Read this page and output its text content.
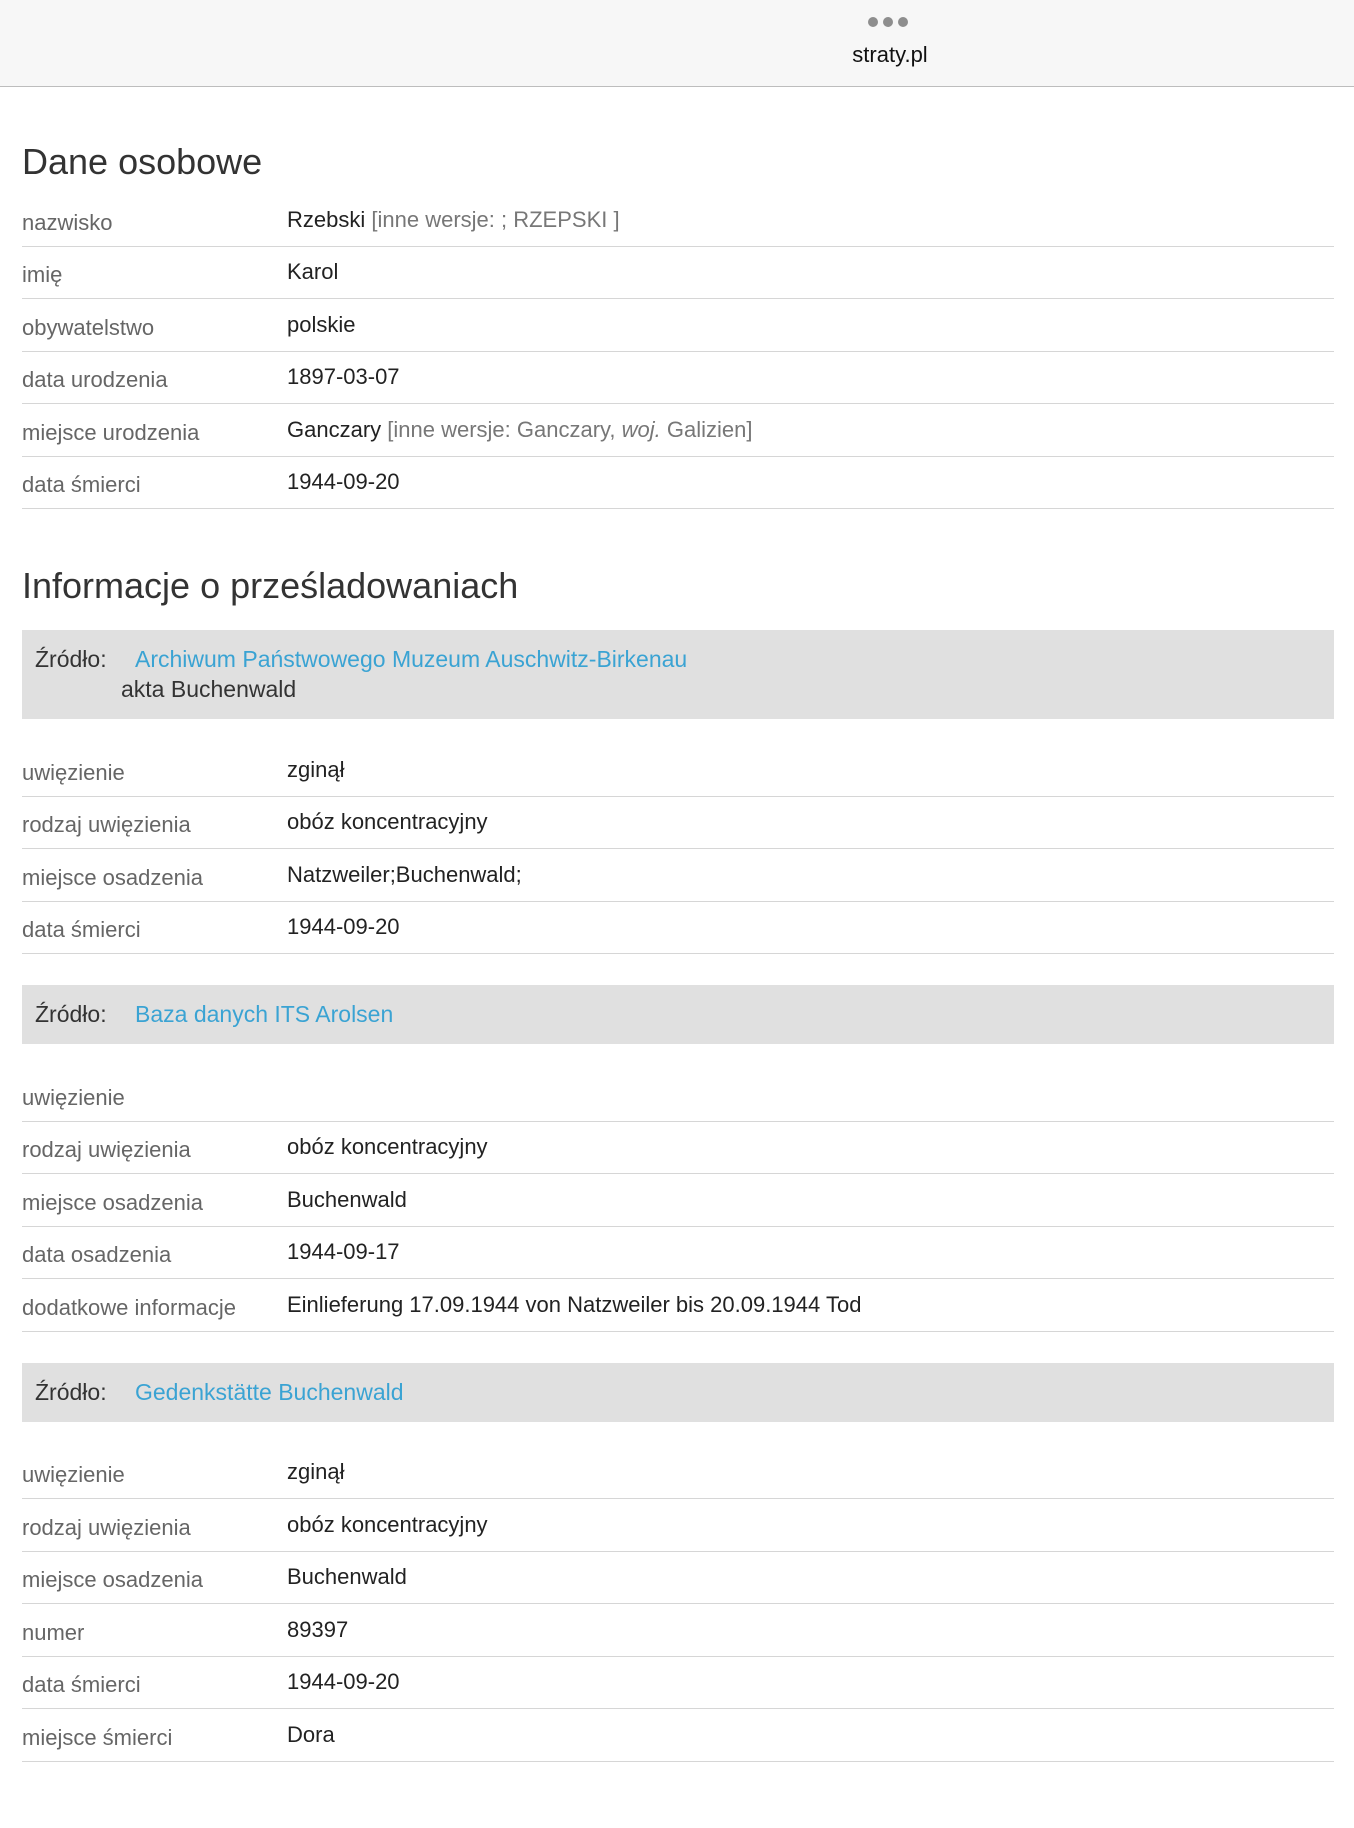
straty.pl
Dane osobowe
nazwisko	Rzebski [inne wersje: ; RZEPSKI ]
imię	Karol
obywatelstwo	polskie
data urodzenia	1897-03-07
miejsce urodzenia	Ganczary [inne wersje: Ganczary, woj. Galizien]
data śmierci	1944-09-20
Informacje o prześladowaniach
Źródło: Archiwum Państwowego Muzeum Auschwitz-Birkenau
akta Buchenwald
uwięzienie	zginął
rodzaj uwięzienia	obóz koncentracyjny
miejsce osadzenia	Natzweiler;Buchenwald;
data śmierci	1944-09-20
Źródło: Baza danych ITS Arolsen
uwięzienie
rodzaj uwięzienia	obóz koncentracyjny
miejsce osadzenia	Buchenwald
data osadzenia	1944-09-17
dodatkowe informacje	Einlieferung 17.09.1944 von Natzweiler bis 20.09.1944 Tod
Źródło: Gedenkstätte Buchenwald
uwięzienie	zginął
rodzaj uwięzienia	obóz koncentracyjny
miejsce osadzenia	Buchenwald
numer	89397
data śmierci	1944-09-20
miejsce śmierci	Dora
